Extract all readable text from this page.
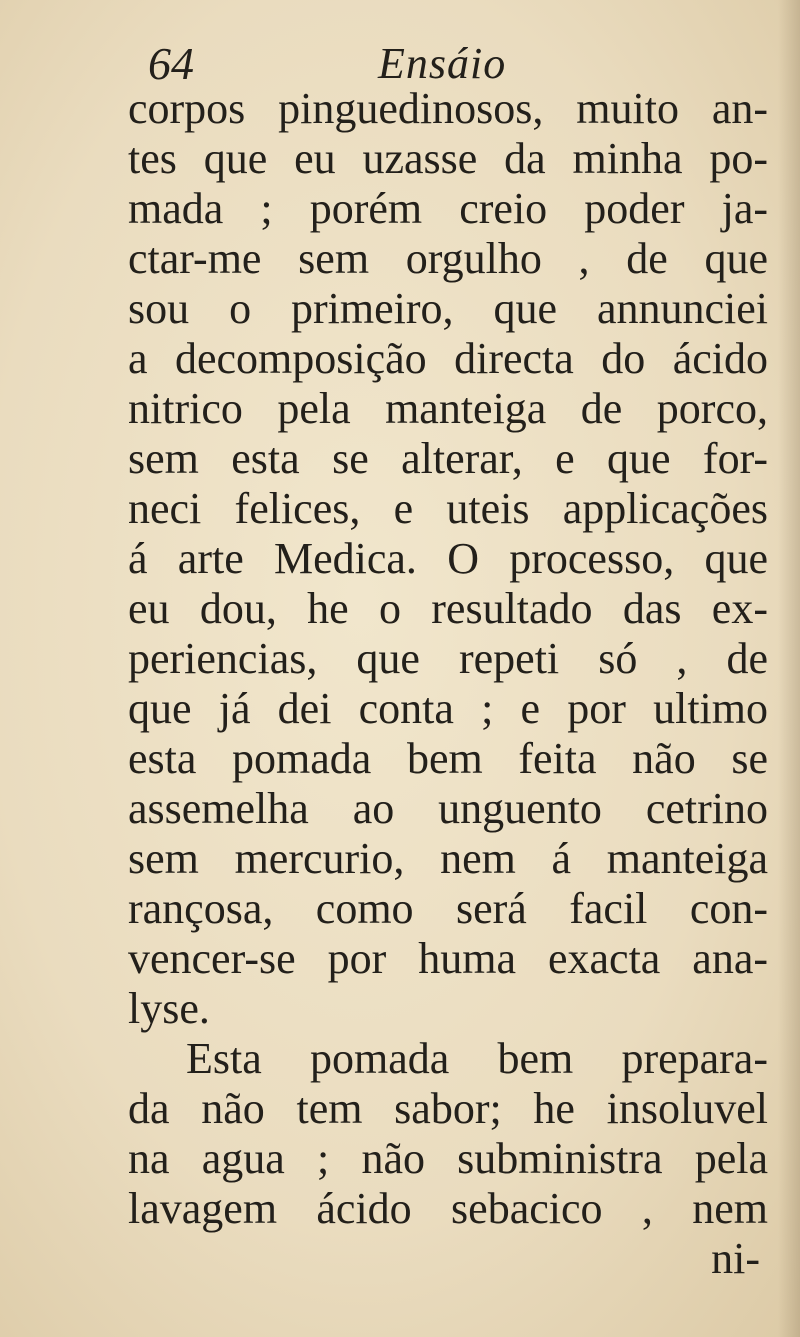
64	Ensáio
corpos pinguedinosos, muito an-
tes que eu uzasse da minha po-
mada ; porém creio poder ja-
ctar-me sem orgulho , de que
sou o primeiro, que annunciei
a decomposição directa do ácido
nitrico pela manteiga de porco,
sem esta se alterar, e que for-
neci felices, e uteis applicações
á arte Medica. O processo, que
eu dou, he o resultado das ex-
periencias, que repeti só , de
que já dei conta ; e por ultimo
esta pomada bem feita não se
assemelha ao unguento cetrino
sem mercurio, nem á manteiga
rançosa, como será facil con-
vencer-se por huma exacta ana-
lyse.
Esta pomada bem prepara-
da não tem sabor; he insoluvel
na agua ; não subministra pela
lavagem ácido sebacico , nem
ni-
